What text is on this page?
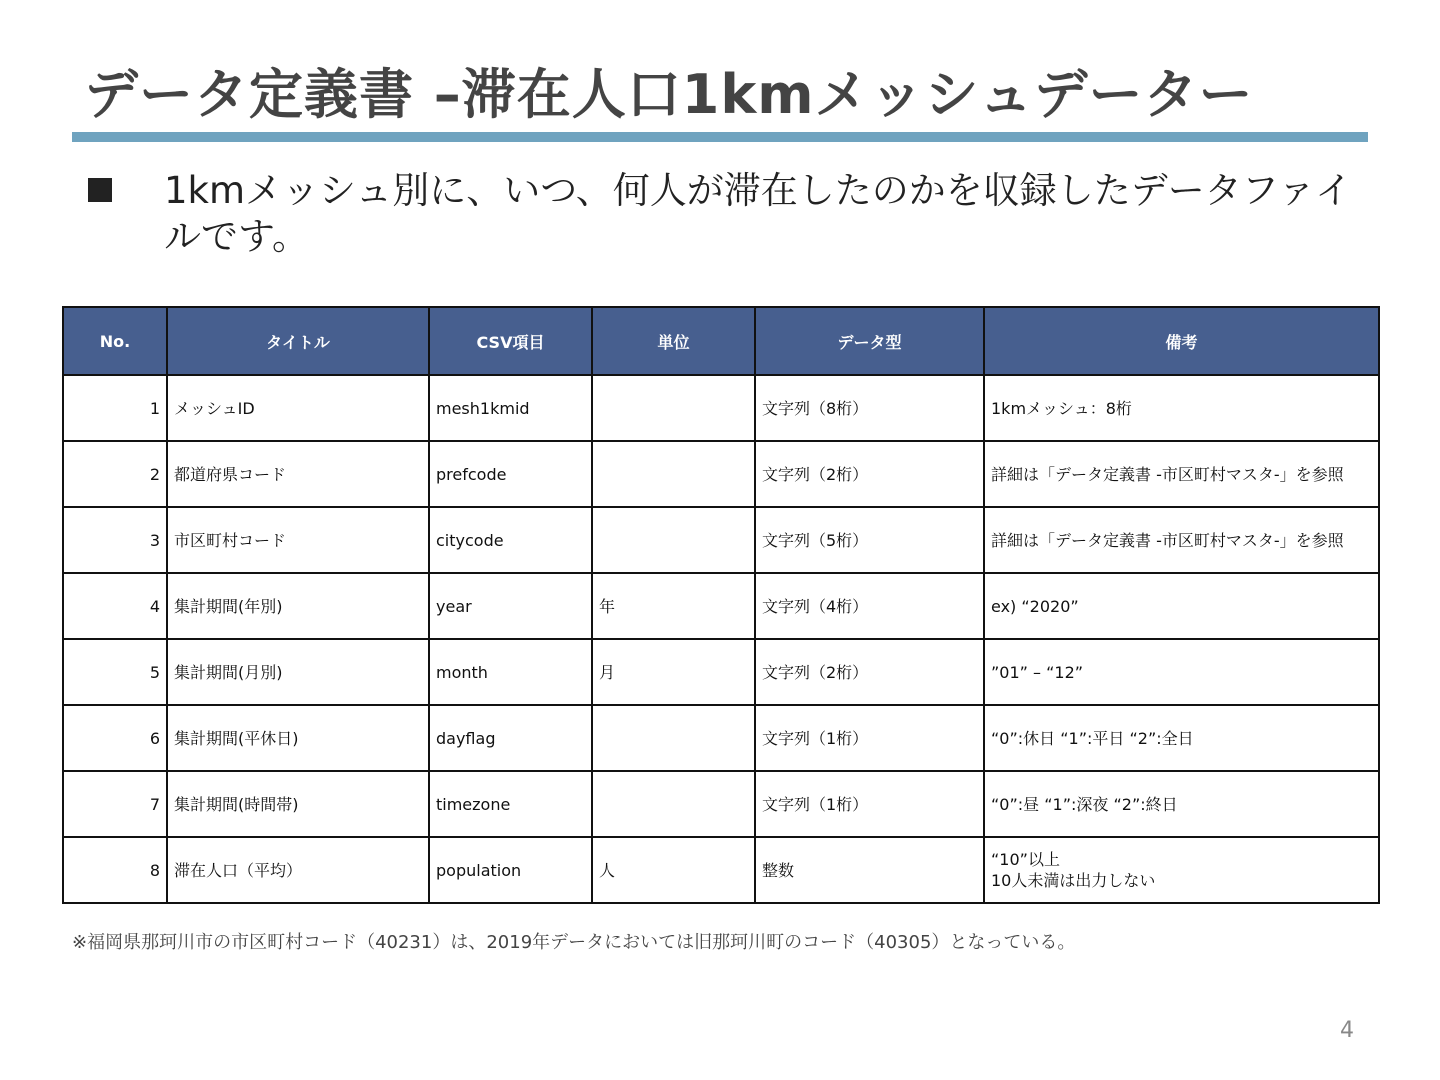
データ定義書 –滞在人口1kmメッシュデーター
1kmメッシュ別に、いつ、何人が滞在したのかを収録したデータファイルです。
No.	タイトル	CSV項目	単位	データ型	備考
1	メッシュID	mesh1kmid		文字列（8桁）	1kmメッシュ：8桁
2	都道府県コード	prefcode		文字列（2桁）	詳細は「データ定義書 -市区町村マスタ-」を参照
3	市区町村コード	citycode		文字列（5桁）	詳細は「データ定義書 -市区町村マスタ-」を参照
4	集計期間(年別)	year	年	文字列（4桁）	ex) “2020”
5	集計期間(月別)	month	月	文字列（2桁）	”01” – “12”
6	集計期間(平休日)	dayflag		文字列（1桁）	“0”:休日 “1”:平日 “2”:全日
7	集計期間(時間帯)	timezone		文字列（1桁）	“0”:昼 “1”:深夜 “2”:終日
8	滞在人口（平均）	population	人	整数	“10”以上
10人未満は出力しない
※福岡県那珂川市の市区町村コード（40231）は、2019年データにおいては旧那珂川町のコード（40305）となっている。
4
